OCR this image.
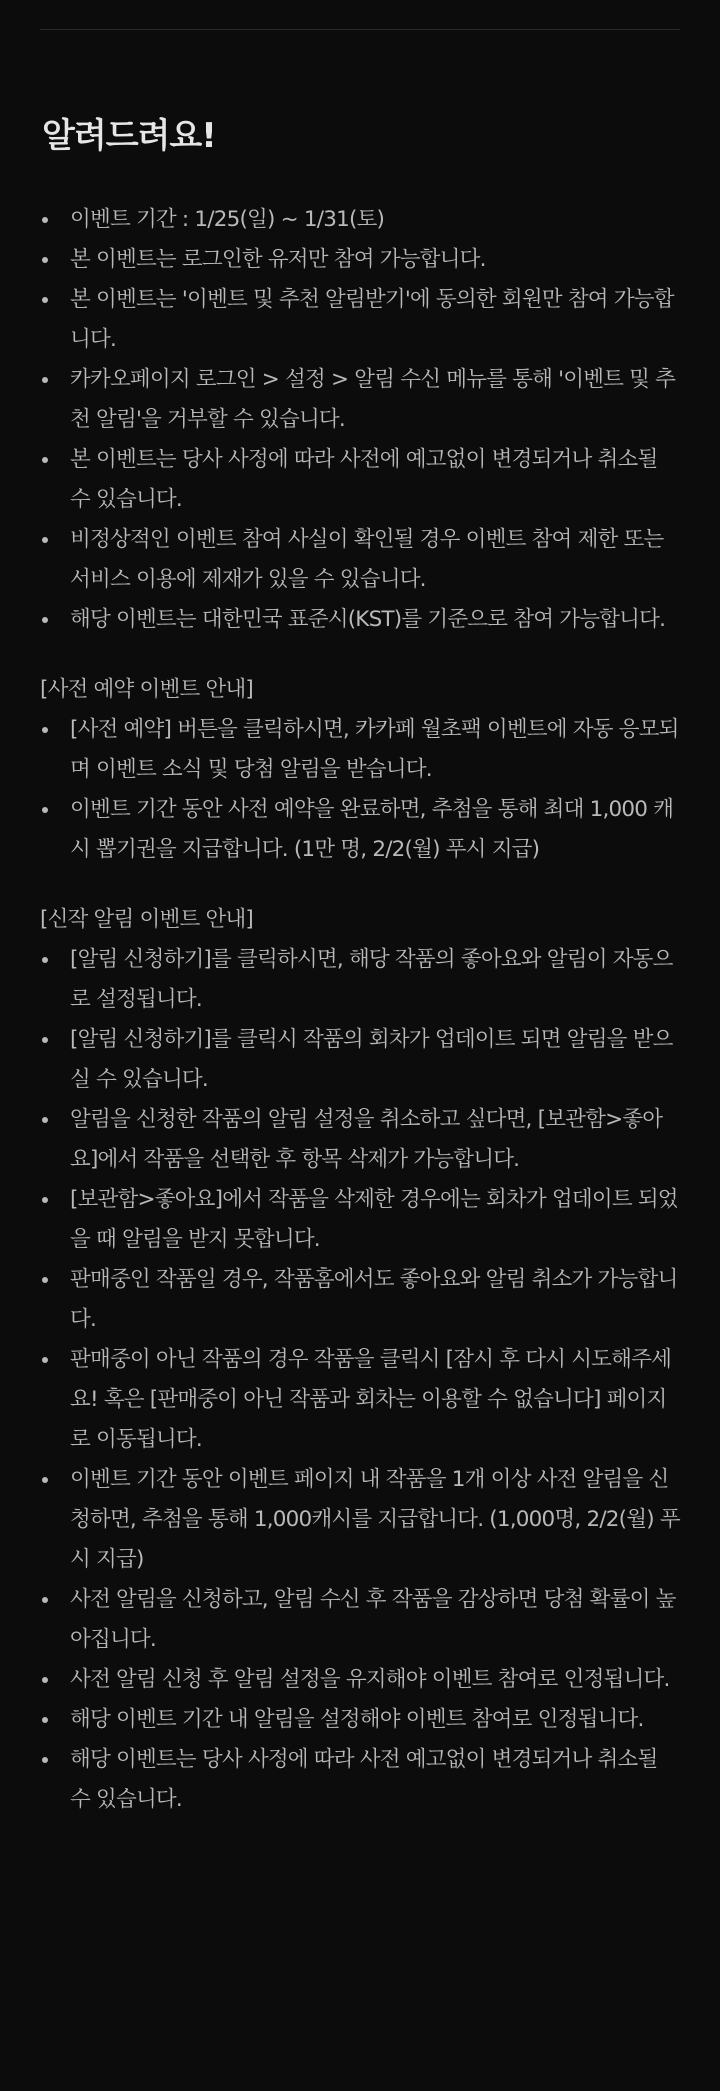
알려드려요!
이벤트 기간 : 1/25(일) ~ 1/31(토)
본 이벤트는 로그인한 유저만 참여 가능합니다.
본 이벤트는 '이벤트 및 추천 알림받기'에 동의한 회원만 참여 가능합니다.
카카오페이지 로그인 > 설정 > 알림 수신 메뉴를 통해 '이벤트 및 추천 알림'을 거부할 수 있습니다.
본 이벤트는 당사 사정에 따라 사전에 예고없이 변경되거나 취소될 수 있습니다.
비정상적인 이벤트 참여 사실이 확인될 경우 이벤트 참여 제한 또는 서비스 이용에 제재가 있을 수 있습니다.
해당 이벤트는 대한민국 표준시(KST)를 기준으로 참여 가능합니다.

[사전 예약 이벤트 안내]

[사전 예약] 버튼을 클릭하시면, 카카페 월초팩 이벤트에 자동 응모되며 이벤트 소식 및 당첨 알림을 받습니다.
이벤트 기간 동안 사전 예약을 완료하면, 추첨을 통해 최대 1,000 캐시 뽑기권을 지급합니다. (1만 명, 2/2(월) 푸시 지급)

[신작 알림 이벤트 안내]

[알림 신청하기]를 클릭하시면, 해당 작품의 좋아요와 알림이 자동으로 설정됩니다.
[알림 신청하기]를 클릭시 작품의 회차가 업데이트 되면 알림을 받으실 수 있습니다.
알림을 신청한 작품의 알림 설정을 취소하고 싶다면, [보관함>좋아요]에서 작품을 선택한 후 항목 삭제가 가능합니다.
[보관함>좋아요]에서 작품을 삭제한 경우에는 회차가 업데이트 되었을 때 알림을 받지 못합니다.
판매중인 작품일 경우, 작품홈에서도 좋아요와 알림 취소가 가능합니다.
판매중이 아닌 작품의 경우 작품을 클릭시 [잠시 후 다시 시도해주세요! 혹은 [판매중이 아닌 작품과 회차는 이용할 수 없습니다] 페이지로 이동됩니다.
이벤트 기간 동안 이벤트 페이지 내 작품을 1개 이상 사전 알림을 신청하면, 추첨을 통해 1,000캐시를 지급합니다. (1,000명, 2/2(월) 푸시 지급)
사전 알림을 신청하고, 알림 수신 후 작품을 감상하면 당첨 확률이 높아집니다.
사전 알림 신청 후 알림 설정을 유지해야 이벤트 참여로 인정됩니다.
해당 이벤트 기간 내 알림을 설정해야 이벤트 참여로 인정됩니다.
해당 이벤트는 당사 사정에 따라 사전 예고없이 변경되거나 취소될 수 있습니다.
